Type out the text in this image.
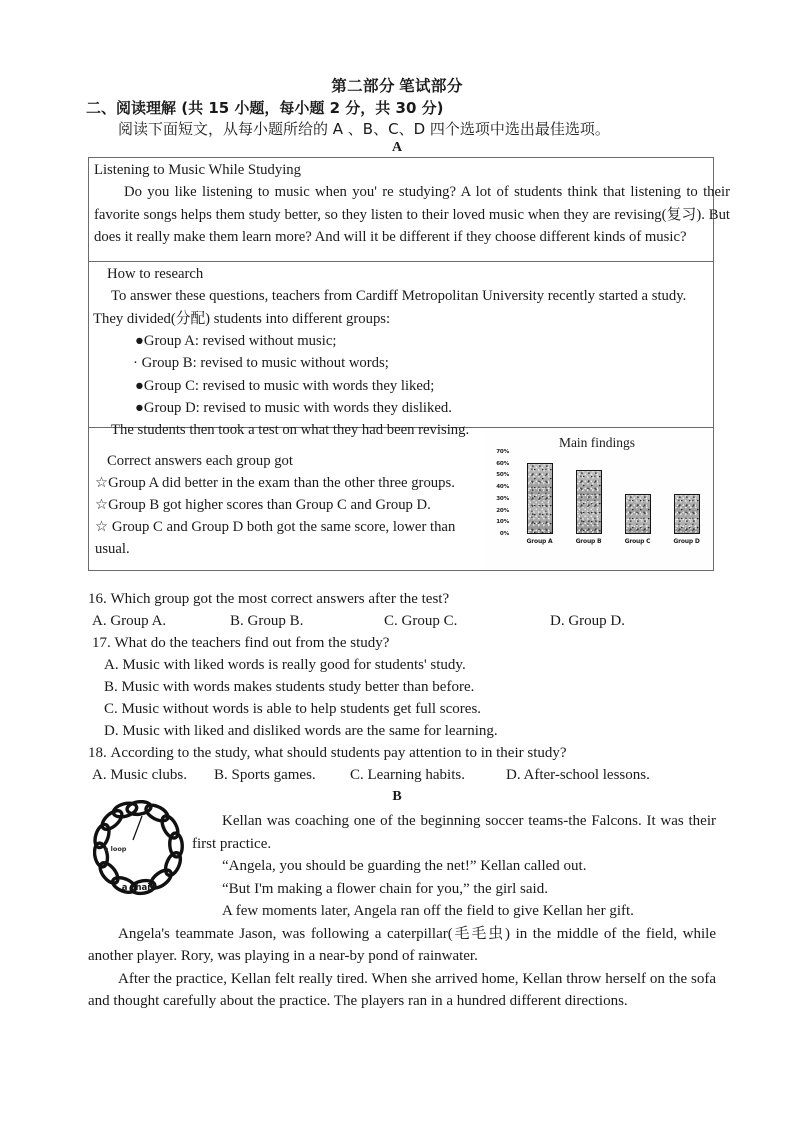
第二部分 笔试部分
二、阅读理解 (共 15 小题，每小题 2 分，共 30 分)
阅读下面短文，从每小题所给的 A 、B、C、D 四个选项中选出最佳选项。
A

Listening to Music While Studying

Do you like listening to music when you' re studying? A lot of students think that listening to their favorite songs helps them study better, so they listen to their loved music when they are revising(复习). But does it really make them learn more? And will it be different if they choose different kinds of music?

How to research

To answer these questions, teachers from Cardiff Metropolitan University recently started a study. They divided(分配) students into different groups:

●Group A: revised without music;

· Group B: revised to music without words;

●Group C: revised to music with words they liked;

●Group D: revised to music with words they disliked.

The students then took a test on what they had been revising.

Correct answers each group got

☆Group A did better in the exam than the other three groups.

☆Group B got higher scores than Group C and Group D.

☆ Group C and Group D both got the same score, lower than usual.

Main findings
70%
60%
50%
40%
30%
20%
10%
0%
Group A	Group B	Group C	Group D

16. Which group got the most correct answers after the test?

A. Group A.	B. Group B.	C. Group C.	D. Group D.

17. What do the teachers find out from the study?

A. Music with liked words is really good for students' study.

B. Music with words makes students study better than before.

C. Music without words is able to help students get full scores.

D. Music with liked and disliked words are the same for learning.

18. According to the study, what should students pay attention to in their study?

A. Music clubs. B. Sports games. C. Learning habits.	D. After-school lessons.

B
a loop
a chain

Kellan was coaching one of the beginning soccer teams-the Falcons. It was their first practice.

“Angela, you should be guarding the net!” Kellan called out.

“But I'm making a flower chain for you,” the girl said.

A few moments later, Angela ran off the field to give Kellan her gift.

Angela's teammate Jason, was following a caterpillar(毛毛虫) in the middle of the field, while another player. Rory, was playing in a near-by pond of rainwater.

After the practice, Kellan felt really tired. When she arrived home, Kellan throw herself on the sofa and thought carefully about the practice. The players ran in a hundred different directions.
